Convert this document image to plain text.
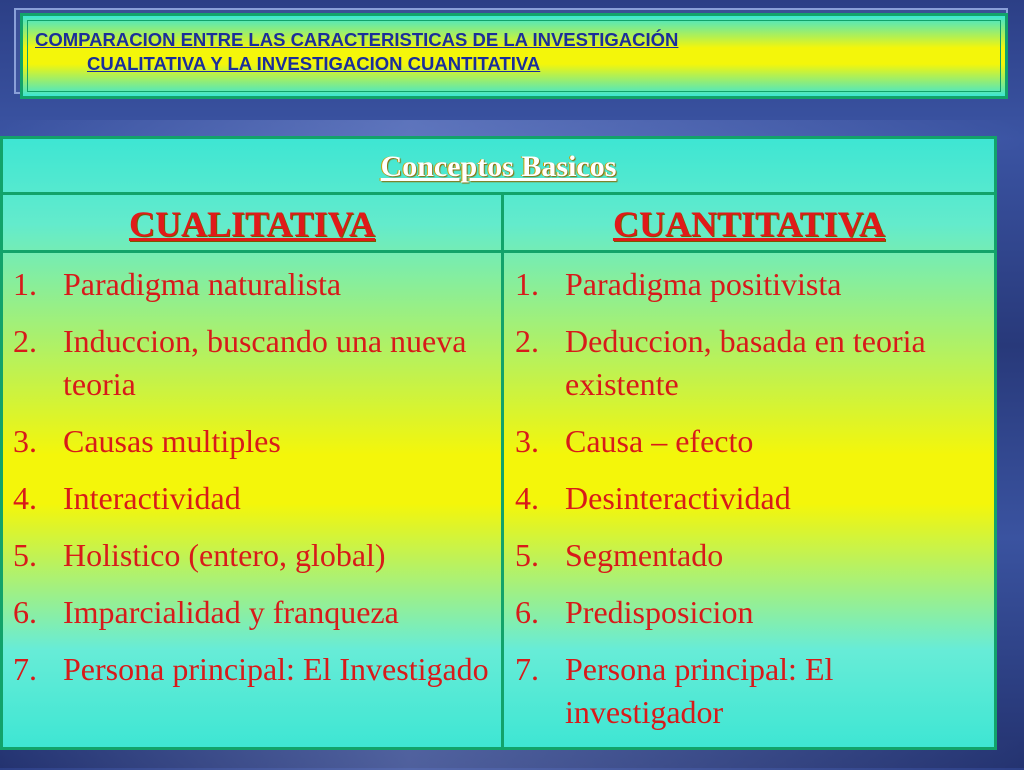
COMPARACION ENTRE LAS CARACTERISTICAS DE LA INVESTIGACIÓN
CUALITATIVA Y LA INVESTIGACION CUANTITATIVA
Conceptos Basicos
CUALITATIVA	CUANTITATIVA
1. Paradigma naturalista
2. Induccion, buscando una nueva teoria
3. Causas multiples
4. Interactividad
5. Holistico (entero, global)
6. Imparcialidad y franqueza
7. Persona principal: El Investigado
1. Paradigma positivista
2. Deduccion, basada en teoria existente
3. Causa – efecto
4. Desinteractividad
5. Segmentado
6. Predisposicion
7. Persona principal: El investigador
